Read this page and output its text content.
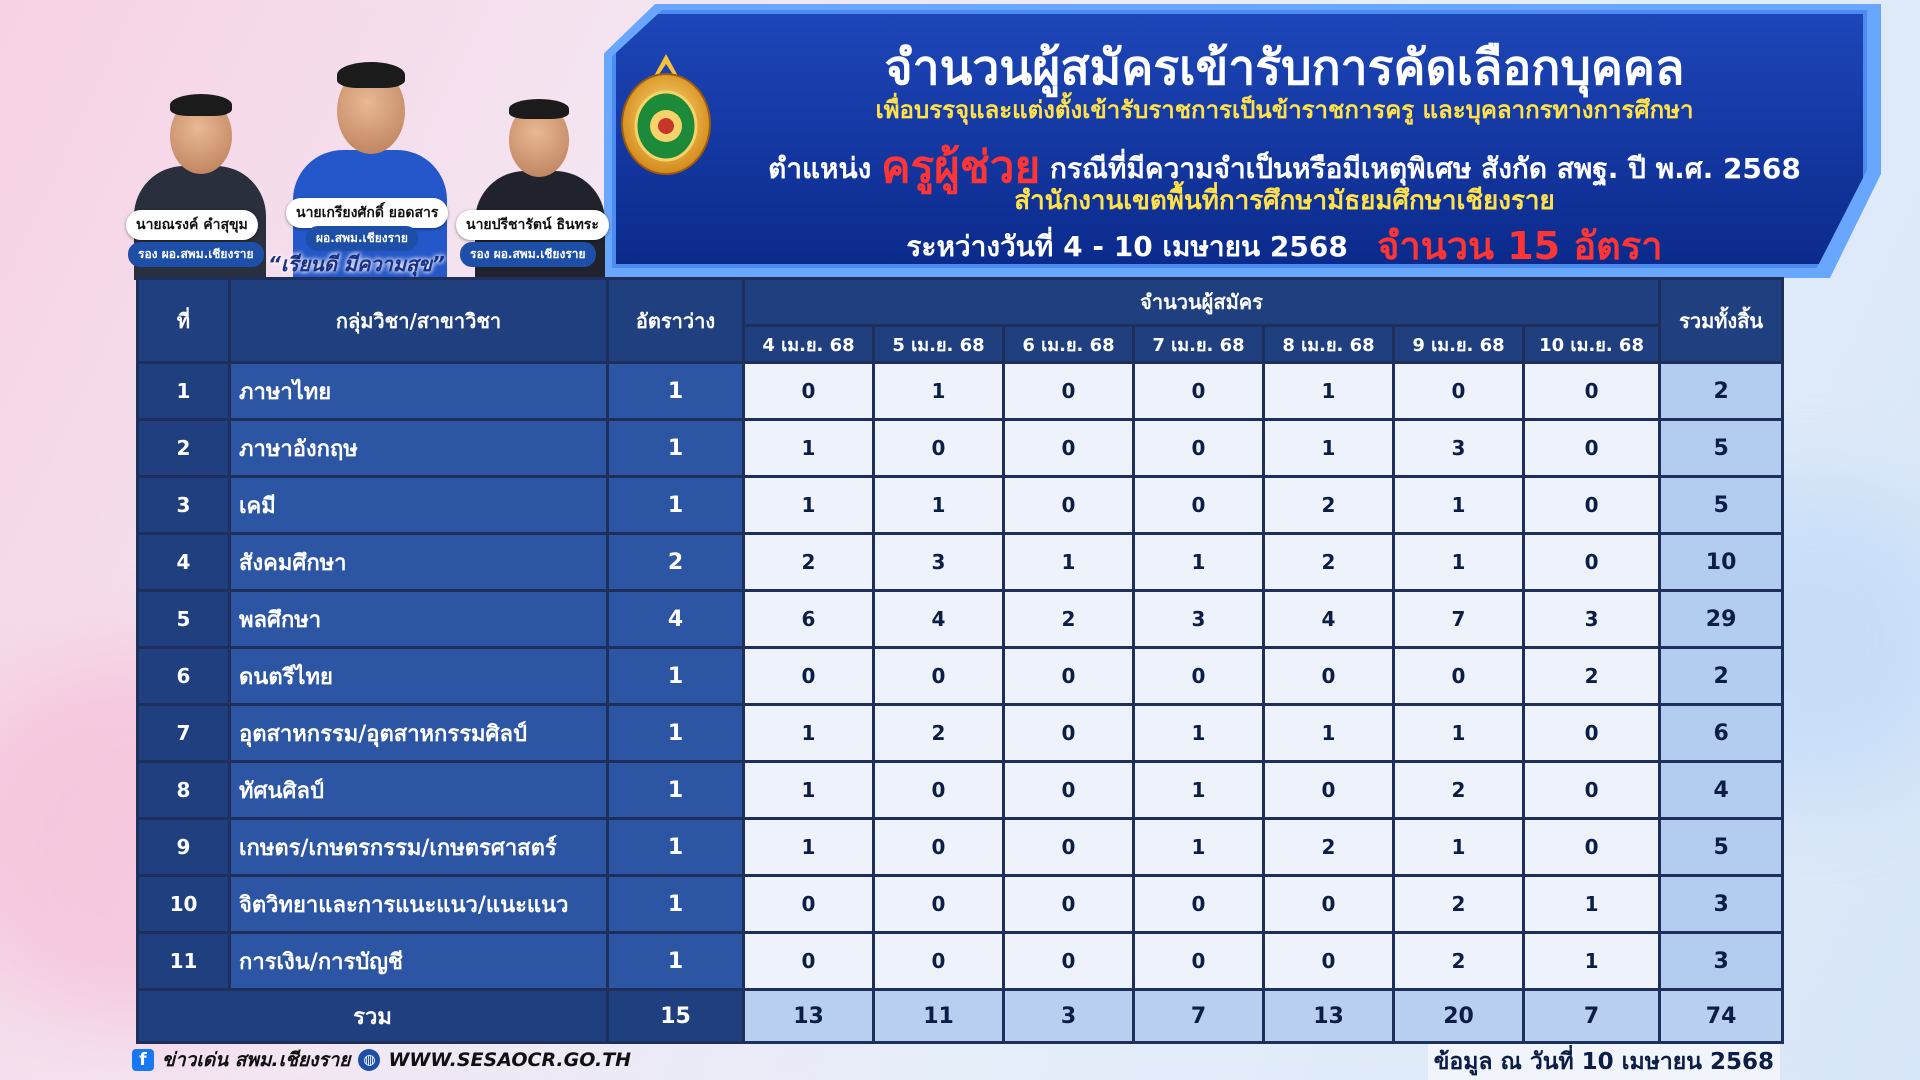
นายณรงค์ คำสุขุม
รอง ผอ.สพม.เชียงราย
นายเกรียงศักดิ์ ยอดสาร
ผอ.สพม.เชียงราย
นายปรีชารัตน์ ธินทระ
รอง ผอ.สพม.เชียงราย
“เรียนดี มีความสุข”
จำนวนผู้สมัครเข้ารับการคัดเลือกบุคคล
เพื่อบรรจุและแต่งตั้งเข้ารับราชการเป็นข้าราชการครู และบุคลากรทางการศึกษา
ตำแหน่ง ครูผู้ช่วย กรณีที่มีความจำเป็นหรือมีเหตุพิเศษ สังกัด สพฐ. ปี พ.ศ. 2568
สำนักงานเขตพื้นที่การศึกษามัธยมศึกษาเชียงราย
ระหว่างวันที่ 4 - 10 เมษายน 2568 จำนวน 15 อัตรา
ที่	กลุ่มวิชา/สาขาวิชา	อัตราว่าง	จำนวนผู้สมัคร							รวมทั้งสิ้น
			4 เม.ย. 68	5 เม.ย. 68	6 เม.ย. 68	7 เม.ย. 68	8 เม.ย. 68	9 เม.ย. 68	10 เม.ย. 68	
1	ภาษาไทย	1	0	1	0	0	1	0	0	2
2	ภาษาอังกฤษ	1	1	0	0	0	1	3	0	5
3	เคมี	1	1	1	0	0	2	1	0	5
4	สังคมศึกษา	2	2	3	1	1	2	1	0	10
5	พลศึกษา	4	6	4	2	3	4	7	3	29
6	ดนตรีไทย	1	0	0	0	0	0	0	2	2
7	อุตสาหกรรม/อุตสาหกรรมศิลป์	1	1	2	0	1	1	1	0	6
8	ทัศนศิลป์	1	1	0	0	1	0	2	0	4
9	เกษตร/เกษตรกรรม/เกษตรศาสตร์	1	1	0	0	1	2	1	0	5
10	จิตวิทยาและการแนะแนว/แนะแนว	1	0	0	0	0	0	2	1	3
11	การเงิน/การบัญชี	1	0	0	0	0	0	2	1	3
รวม		15	13	11	3	7	13	20	7	74
f ข่าวเด่น สพม.เชียงราย ◍ WWW.SESAOCR.GO.TH	ข้อมูล ณ วันที่ 10 เมษายน 2568
